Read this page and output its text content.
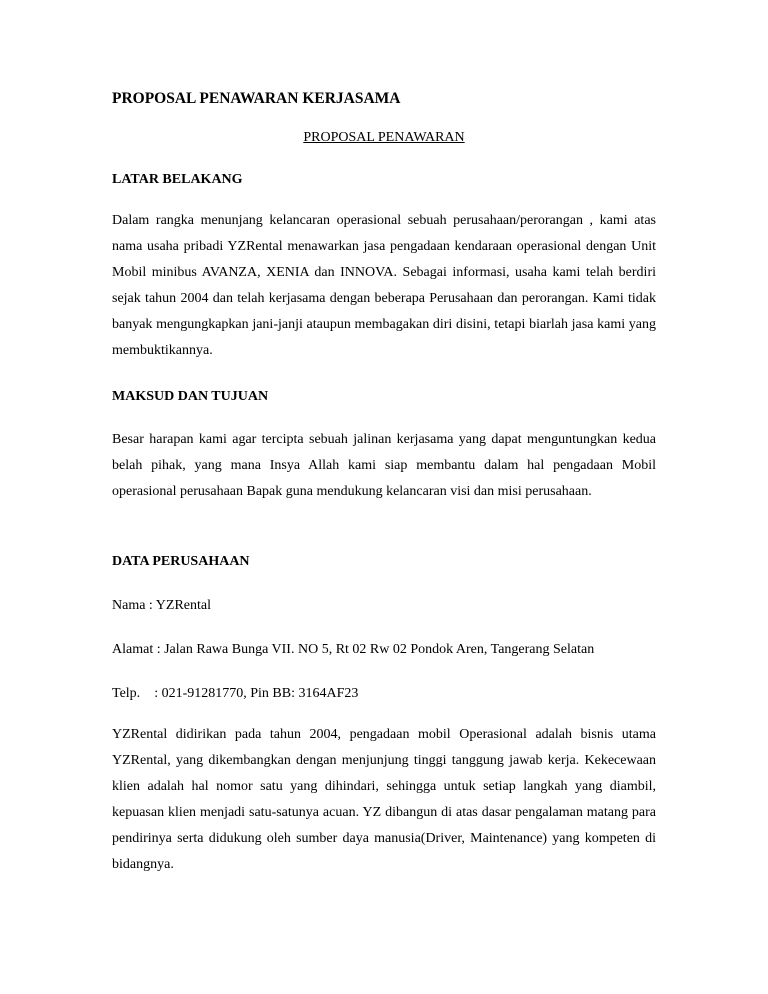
PROPOSAL PENAWARAN KERJASAMA

PROPOSAL PENAWARAN

LATAR BELAKANG

Dalam rangka menunjang kelancaran operasional sebuah perusahaan/perorangan , kami atas nama usaha pribadi YZRental menawarkan jasa pengadaan kendaraan operasional dengan Unit Mobil minibus AVANZA, XENIA dan INNOVA. Sebagai informasi, usaha kami telah berdiri sejak tahun 2004 dan telah kerjasama dengan beberapa Perusahaan dan perorangan. Kami tidak banyak mengungkapkan jani-janji ataupun membagakan diri disini, tetapi biarlah jasa kami yang membuktikannya.

MAKSUD DAN TUJUAN

Besar harapan kami agar tercipta sebuah jalinan kerjasama yang dapat menguntungkan kedua belah pihak, yang mana Insya Allah kami siap membantu dalam hal pengadaan Mobil operasional perusahaan Bapak guna mendukung kelancaran visi dan misi perusahaan.

DATA PERUSAHAAN

Nama : YZRental

Alamat : Jalan Rawa Bunga VII. NO 5, Rt 02 Rw 02 Pondok Aren, Tangerang Selatan

Telp. : 021-91281770, Pin BB: 3164AF23

YZRental didirikan pada tahun 2004, pengadaan mobil Operasional adalah bisnis utama YZRental, yang dikembangkan dengan menjunjung tinggi tanggung jawab kerja. Kekecewaan klien adalah hal nomor satu yang dihindari, sehingga untuk setiap langkah yang diambil, kepuasan klien menjadi satu-satunya acuan. YZ dibangun di atas dasar pengalaman matang para pendirinya serta didukung oleh sumber daya manusia(Driver, Maintenance) yang kompeten di bidangnya.
